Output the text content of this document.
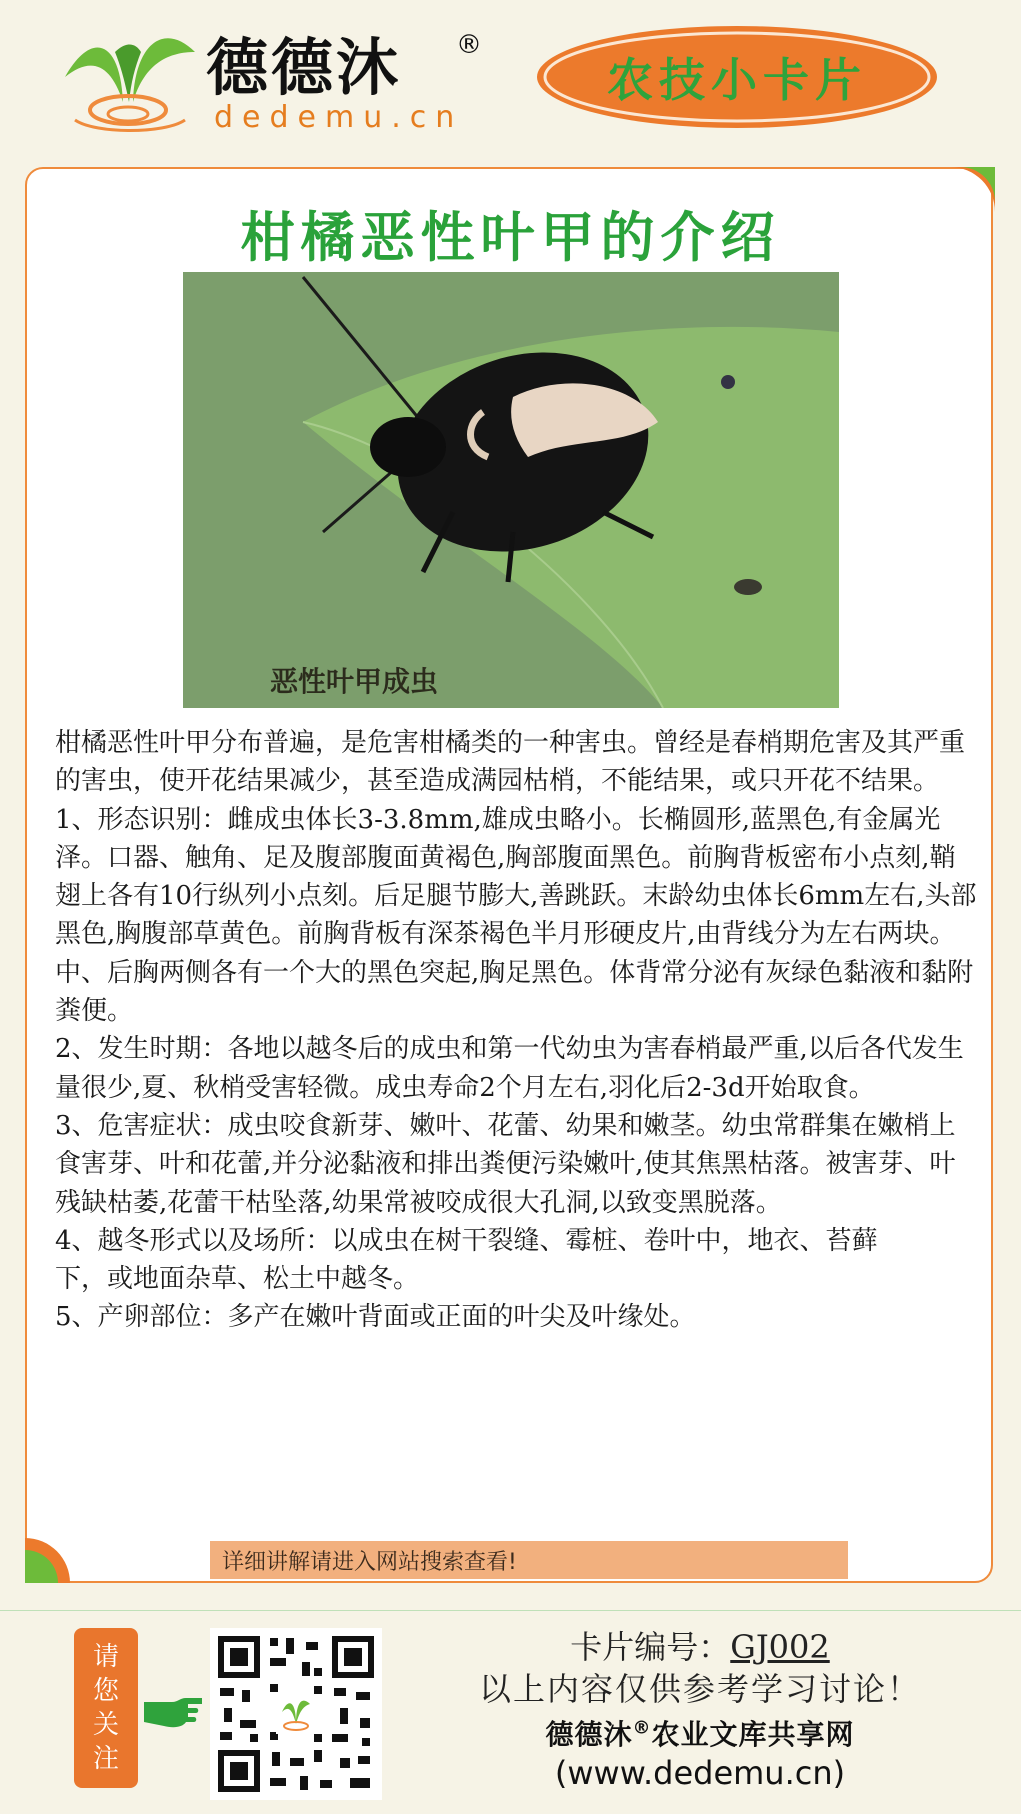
德德沐 ®
dedemu.cn
农技小卡片
柑橘恶性叶甲的介绍
恶性叶甲成虫

柑橘恶性叶甲分布普遍，是危害柑橘类的一种害虫。曾经是春梢期危害及其严重的害虫，使开花结果减少，甚至造成满园枯梢，不能结果，或只开花不结果。

1、形态识别：雌成虫体长3-3.8mm,雄成虫略小。长椭圆形,蓝黑色,有金属光泽。口器、触角、足及腹部腹面黄褐色,胸部腹面黑色。前胸背板密布小点刻,鞘翅上各有10行纵列小点刻。后足腿节膨大,善跳跃。末龄幼虫体长6mm左右,头部黑色,胸腹部草黄色。前胸背板有深茶褐色半月形硬皮片,由背线分为左右两块。中、后胸两侧各有一个大的黑色突起,胸足黑色。体背常分泌有灰绿色黏液和黏附粪便。

2、发生时期：各地以越冬后的成虫和第一代幼虫为害春梢最严重,以后各代发生量很少,夏、秋梢受害轻微。成虫寿命2个月左右,羽化后2-3d开始取食。

3、危害症状：成虫咬食新芽、嫩叶、花蕾、幼果和嫩茎。幼虫常群集在嫩梢上食害芽、叶和花蕾,并分泌黏液和排出粪便污染嫩叶,使其焦黑枯落。被害芽、叶残缺枯萎,花蕾干枯坠落,幼果常被咬成很大孔洞,以致变黑脱落。

4、越冬形式以及场所：以成虫在树干裂缝、霉桩、卷叶中，地衣、苔藓

下，或地面杂草、松土中越冬。

5、产卵部位：多产在嫩叶背面或正面的叶尖及叶缘处。

详细讲解请进入网站搜索查看!
请
您
关
注
卡片编号：GJ002
以上内容仅供参考学习讨论！
德德沐®农业文库共享网
(www.dedemu.cn)
